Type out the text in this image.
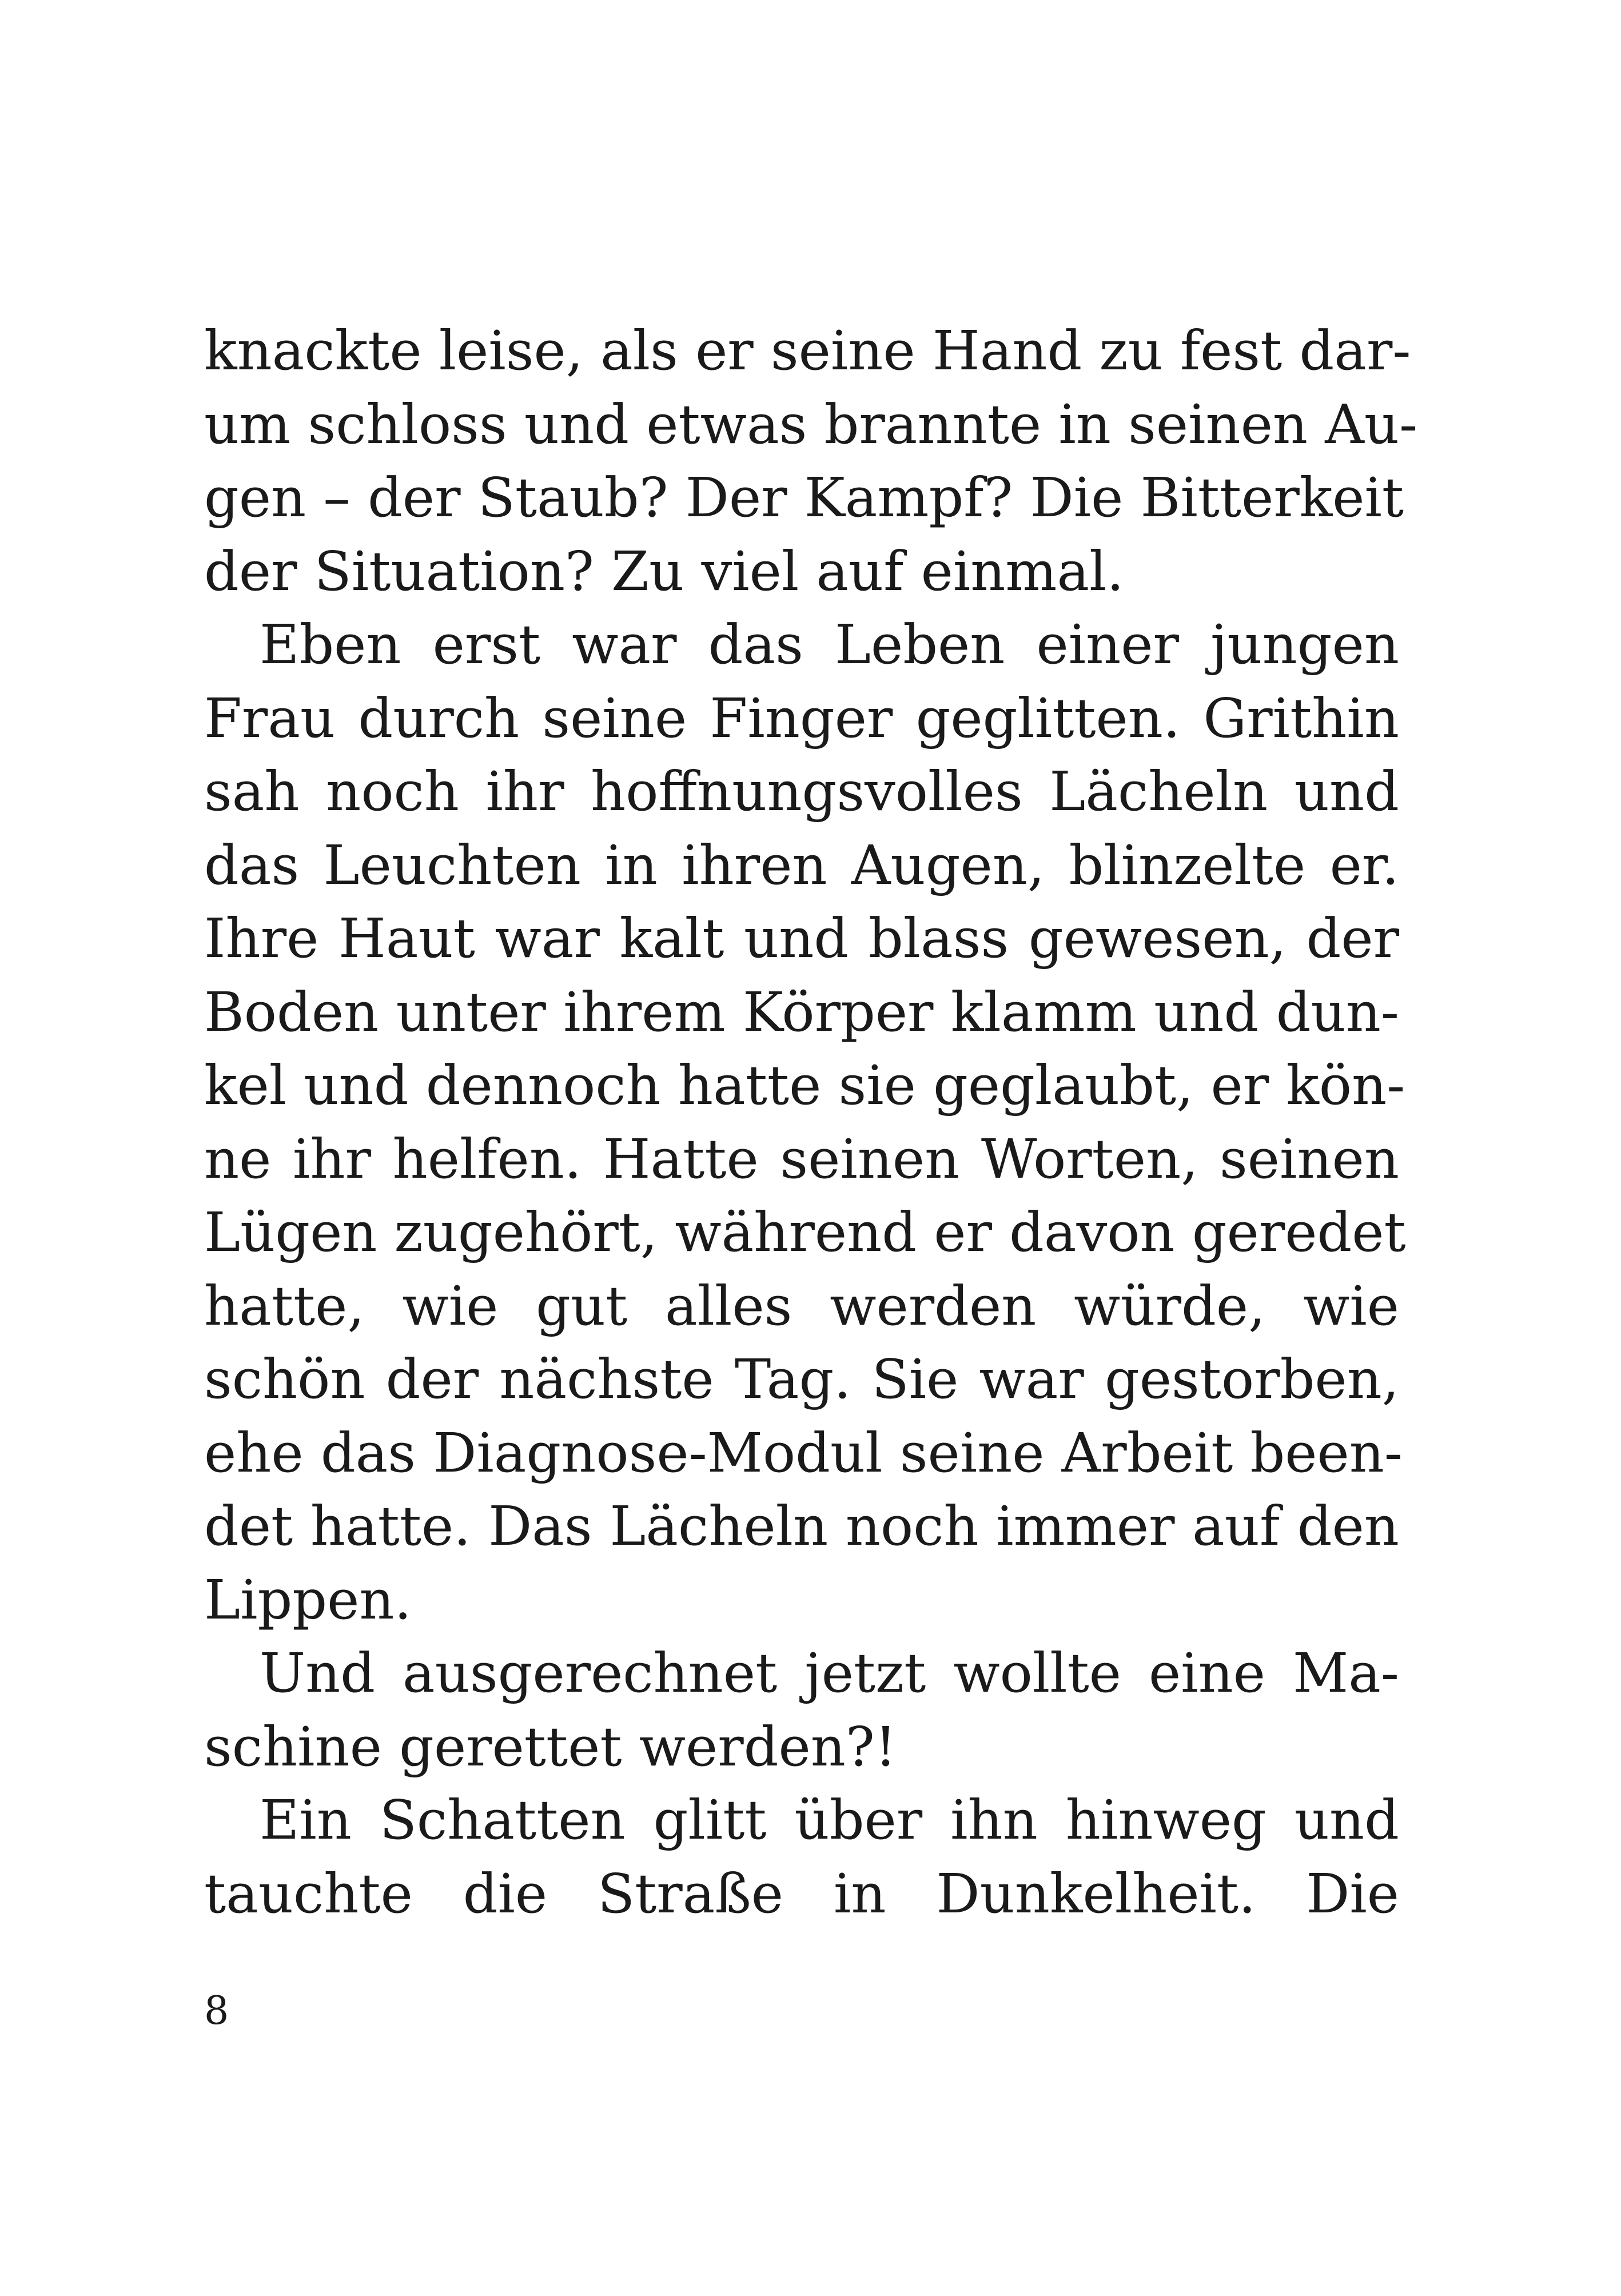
knackte leise, als er seine Hand zu fest dar-
um schloss und etwas brannte in seinen Au-
gen – der Staub? Der Kampf? Die Bitterkeit
der Situation? Zu viel auf einmal.
Eben erst war das Leben einer jungen
Frau durch seine Finger geglitten. Grithin
sah noch ihr hoffnungsvolles Lächeln und
das Leuchten in ihren Augen, blinzelte er.
Ihre Haut war kalt und blass gewesen, der
Boden unter ihrem Körper klamm und dun-
kel und dennoch hatte sie geglaubt, er kön-
ne ihr helfen. Hatte seinen Worten, seinen
Lügen zugehört, während er davon geredet
hatte, wie gut alles werden würde, wie
schön der nächste Tag. Sie war gestorben,
ehe das Diagnose-Modul seine Arbeit been-
det hatte. Das Lächeln noch immer auf den
Lippen.
Und ausgerechnet jetzt wollte eine Ma-
schine gerettet werden?!
Ein Schatten glitt über ihn hinweg und
tauchte die Straße in Dunkelheit. Die
8
